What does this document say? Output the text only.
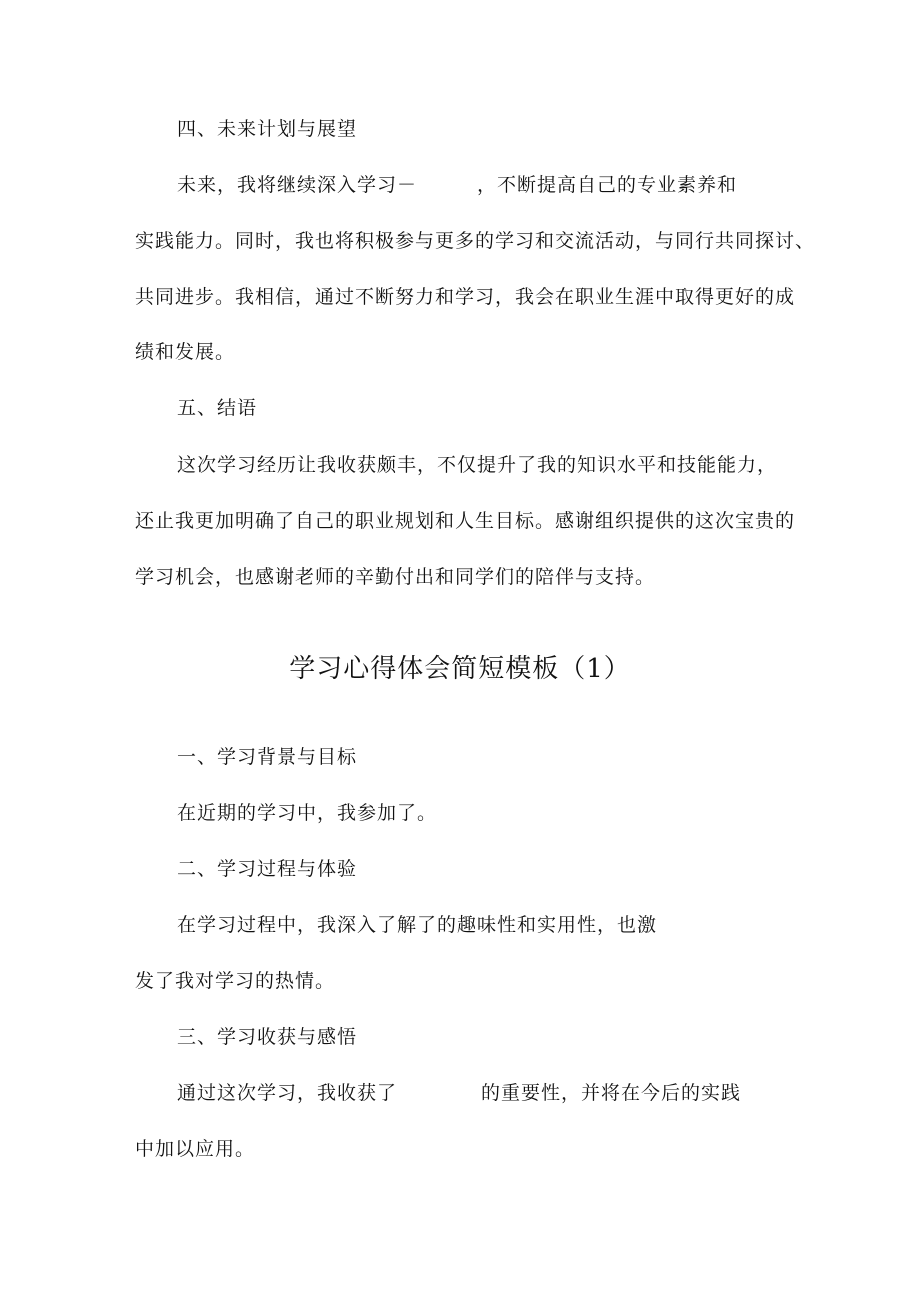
四、未来计划与展望
未来，我将继续深入学习－	，不断提高自己的专业素养和
实践能力。同时，我也将积极参与更多的学习和交流活动，与同行共同探讨、
共同进步。我相信，通过不断努力和学习，我会在职业生涯中取得更好的成
绩和发展。
五、结语
这次学习经历让我收获颇丰，不仅提升了我的知识水平和技能能力，
还止我更加明确了自己的职业规划和人生目标。感谢组织提供的这次宝贵的
学习机会，也感谢老师的辛勤付出和同学们的陪伴与支持。
学习心得体会简短模板（1）
一、学习背景与目标
在近期的学习中，我参加了。
二、学习过程与体验
在学习过程中，我深入了解了的趣味性和实用性，也激
发了我对学习的热情。
三、学习收获与感悟
通过这次学习，我收获了	的重要性，并将在今后的实践
中加以应用。
